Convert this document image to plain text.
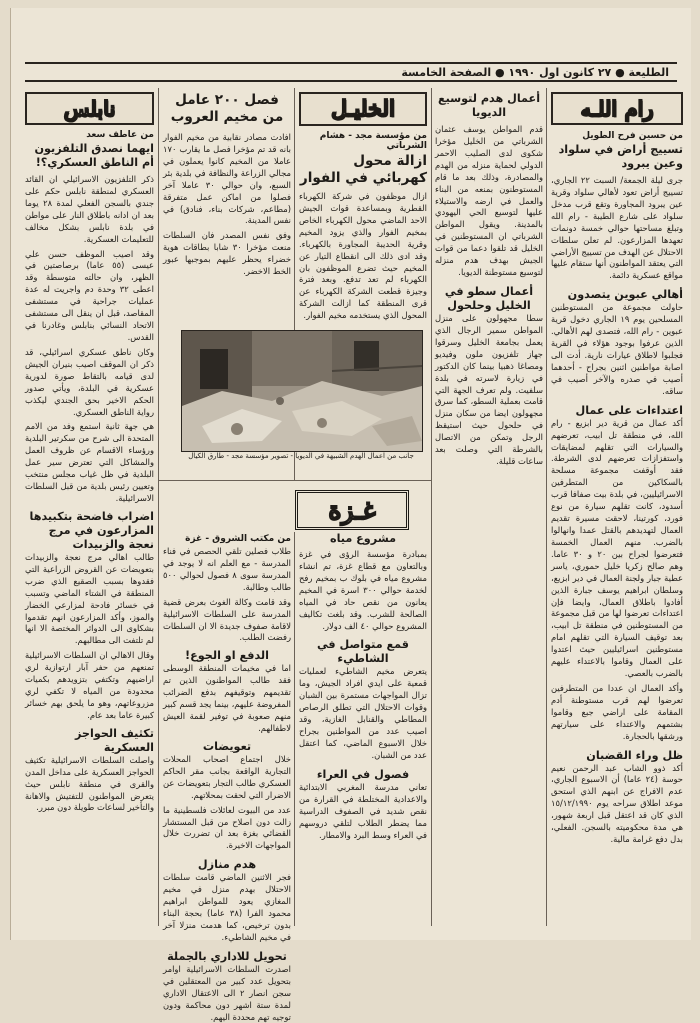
الطليعة ● ٢٧ كانون اول ١٩٩٠ ● الصفحة الخامسة
رام اللـه
من حسين فرح الطويل
تسييج أراض في سلواد وعين يبرود

جرى ليلة الجمعة/ السبت ٢٢ الجاري، تسييج أراض تعود لأهالي سلواد وقرية عين يبرود المجاورة وتقع قرب مدخل سلواد على شارع الطيبة - رام الله وتبلغ مساحتها حوالي خمسة دونمات تعهدها المزارعون. لم تعلن سلطات الاحتلال عن الهدف من تسييج الأراضي التي يعتقد المواطنون أنها ستقام عليها مواقع عسكرية دائمة.

أهالي عبوين يتصدون

حاولت مجموعة من المستوطنين المسلحين يوم ١٩ الجاري دخول قرية عبوين - رام الله، فتصدى لهم الأهالي. الذين عرفوا بوجود هؤلاء في القرية فجلبوا لاطلاق عيارات نارية. أدت الى اصابة مواطنين اثنين بجراح - أحدهما أصيب في صدره والآخر أصيب في ساقه.

اعتداءات على عمال

أكد عمال من قرية دير ابزيع - رام الله، في منطقة تل ابيب، تعرضهم والسيارات التي تقلهم لمضايقات واستفزازات تعرضهم لدى الشرطة. فقد أوقفت مجموعة مسلحة بالسكاكين من المتطرفين الاسرائيليين، في بلدة بيت صفافا قرب أسدود، كانت تقلهم سيارة من نوع فورد، كورتينا، لاحقت مسيرة تقديم العمال لتهديدهم بالقتل عمدا وانهالوا بالضرب. منهم العمال الخمسة فتعرضوا لجراح بين ٢٠ و ٣٠ عاما. وهم صالح زكريا خليل حموري، ياسر عطية جبار ولجنة العمال في دير ابزيع، وسلطان ابراهيم يوسف جبارة الذين أفادوا باطلاق العمال، وايضا فإن اعتداءات تعرضوا لها من قبل مجموعة من المستوطنين في منطقة تل ابيب، بعد توقيف السيارة التي تقلهم امام مستوطنين اسرائيليين حيث اعتدوا على العمال وقاموا بالاعتداء عليهم بالضرب بالعصي.

وأكد العمال ان عددا من المتطرفين تعرضوا لهم قرب مستوطنة أدم المقامة على اراضي جبع وقاموا بشتمهم والاعتداء على سيارتهم ورشقها بالحجارة.

ظل وراء القضبان

أكد ذوو الشاب عبد الرحمن نعيم حوسة (٢٤ عاما) أن الاسبوع الجاري، عدم الافراج عن ابنهم الذي استحق موعد اطلاق سراحه يوم ١٥/١٢/١٩٩٠ الذي كان قد اعتقل قبل اربعة شهور، هي مدة محكوميته بالسجن. الفعلي، بدل دفع غرامة مالية.

أعمال هدم لتوسيع الديويا

قدم المواطن يوسف عثمان الشرباتي من الخليل مؤخرا شكوى لدى الصليب الاحمر الدولي لحماية منزله من الهدم والمصادرة، وذلك بعد ما قام المستوطنون بمنعه من البناء والعمل في ارضه والاستيلاء عليها لتوسيع الحي اليهودي بالمدينة. ويقول المواطن الشرباتي ان المستوطنين في الخليل قد تلقوا دعما من قوات الجيش بهدف هدم منزله لتوسيع مستوطنة الديويا.

أعمال سطو في الخليل وحلحول

سطا مجهولون على منزل المواطن سمير الرجال الذي يعمل بجامعة الخليل وسرقوا جهاز تلفزيون ملون وفيديو ومصاغا ذهبيا بينما كان الدكتور في زيارة لاسرته في بلدة سلفيت. ولم تعرف الجهة التي قامت بعملية السطو، كما سرق مجهولون ايضا من سكان منزل في حلحول حيث استيقظ الرجل وتمكن من الاتصال بالشرطة التي وصلت بعد ساعات قليلة.

الخليـل
من مؤسسة مجد - هشام الشرباتي
ازالة محول كهربائي في الفوار

ازال موظفون في شركة الكهرباء القطرية وبمساعدة قوات الجيش الاحد الماضي محول الكهرباء الخاص بمخيم الفوار والذي يزود المخيم وقرية الحديبة المجاورة بالكهرباء. وقد ادى ذلك الى انقطاع التيار عن المخيم حيث تضرع الموظفون بان الكهرباء لم تعد تدفع. وبعد فترة وجيزة قطعت الشركة الكهرباء عن قرى المنطقة كما ازالت الشركة المحول الذي يستخدمه مخيم الفوار.

فصل ٢٠٠ عامل من مخيم العروب

افادت مصادر نقابية من مخيم الفوار بانه قد تم مؤخرا فصل ما يقارب ١٧٠ عاملا من المخيم كانوا يعملون في مجالي الزراعة والنظافة في بلدية بئر السبع، وان حوالي ٣٠ عاملا آخر فصلوا من اماكن عمل متفرقة (مطاعم، شركات بناء، فنادق) في نفس المدينة.

وفق نفس المصدر فان السلطات منعت مؤخرا ٣٠ شابا بطاقات هوية خضراء يحظر عليهم بموجبها عبور الخط الاخضر.

جانب من اعمال الهدم الشبيهة في الديويا - تصوير مؤسسة مجد - طارق الكيال
غـزة
مشروع مياه

بمبادرة مؤسسة الرؤى في غزة وبالتعاون مع قطاع غزة، تم انشاء مشروع مياه في بلوك ب بمخيم رفح لخدمة حوالي ٣٠٠ اسرة في المخيم يعانون من نقص حاد في المياه الصالحة للشرب. وقد بلغت تكاليف المشروع حوالي ٤٠ الف دولار.

قمع متواصل في الشاطيء

يتعرض مخيم الشاطيء لعمليات قمعية على ايدي افراد الجيش، وما تزال المواجهات مستمرة بين الشبان وقوات الاحتلال التي تطلق الرصاص المطاطي والقنابل الغازية، وقد اصيب عدد من المواطنين بجراح خلال الاسبوع الماضي، كما اعتقل عدد من الشبان.

فصول في العراء

تعاني مدرسة المغربي الابتدائية والاعدادية المختلطة في القرارة من نقص شديد في الصفوف الدراسية مما يضطر الطلاب لتلقي دروسهم في العراء وسط البرد والامطار.

من مكتب الشروق - غزة

طلاب فصلين تلقي الحصص في فناء المدرسة - مع العلم انه لا يوجد في المدرسة سوى ٨ فصول لحوالي ٥٠٠ طالب وطالبة.

وقد قامت وكالة الغوث بعرض قضية المدرسة على السلطات الاسرائيلية لاقامة صفوف جديدة الا ان السلطات رفضت الطلب.

الدفع او الجوع!

اما في مخيمات المنطقة الوسطى فقد طالب المواطنون الذين تم تقديمهم وتوقيفهم بدفع الضرائب المفروضة عليهم، بينما يجد قسم كبير منهم صعوبة في توفير لقمة العيش لاطفالهم.

تعويضات

خلال اجتماع اصحاب المحلات التجارية الواقعة بجانب مقر الحاكم العسكري طالب التجار بتعويضات عن الاضرار التي لحقت بمحلاتهم.

عدد من البيوت لعائلات فلسطينية ما زالت دون اصلاح من قبل المستشار القضائي بغزة بعد ان تضررت خلال المواجهات الاخيرة.

هدم منازل

فجر الاثنين الماضي قامت سلطات الاحتلال بهدم منزل في مخيم المغازي يعود للمواطن ابراهيم محمود الفرا (٣٨ عاما) بحجة البناء بدون ترخيص، كما هدمت منزلا آخر في مخيم الشاطيء.

تحويل للاداري بالجملة

اصدرت السلطات الاسرائيلية اوامر بتحويل عدد كبير من المعتقلين في سجن انصار ٢ الى الاعتقال الاداري لمدة ستة اشهر دون محاكمة ودون توجيه تهم محددة اليهم.

نابلس
من عاطف سعد
ايهما نصدق التلفزيون أم الناطق العسكري؟!

ذكر التلفزيون الاسرائيلي ان القائد العسكري لمنطقة نابلس حكم على جندي بالسجن الفعلي لمدة ٢٨ يوما بعد ان ادانه باطلاق النار على مواطن في بلدة نابلس بشكل مخالف للتعليمات العسكرية.

وقد اصيب الموظف حسن علي عيسى (٥٥ عاما) برصاصتين في الظهر، وان حالته متوسطة وقد اعطى ٣٢ وحدة دم واجريت له عدة عمليات جراحية في مستشفى المقاصد، قبل ان ينقل الى مستشفى الاتحاد النسائي بنابلس وغادرنا في القدس.

وكان ناطق عسكري اسرائيلي، قد ذكر ان الموقف اصيب بنيران الجيش لدى قيامه بالتقاط صورة لدورية عسكرية في البلدة، ويأتي صدور الحكم الاخير بحق الجندي ليكذب رواية الناطق العسكري.

هي جهة ثانية استمع وفد من الامم المتحدة الى شرح من سكرتير البلدية ورؤساء الاقسام عن ظروف العمل والمشاكل التي تعترض سير عمل البلدية في ظل غياب مجلس منتخب وتعيين رئيس بلدية من قبل السلطات الاسرائيلية.

اضراب فاضحة بتكبيدها المزارعون في مرج نعجة والزبيدات

طالب اهالي مرج نعجة والزبيدات بتعويضات عن القروض الزراعية التي فقدوها بسبب الصقيع الذي ضرب المنطقة في الشتاء الماضي وتسبب في خسائر فادحة لمزارعي الخضار والموز، وأكد المزارعون انهم تقدموا بشكاوى الى الدوائر المختصة الا انها لم تلتفت الى مطالبهم.

وقال الاهالي ان السلطات الاسرائيلية تمنعهم من حفر آبار ارتوازية لري اراضيهم وتكتفي بتزويدهم بكميات محدودة من المياه لا تكفي لري مزروعاتهم، وهو ما يلحق بهم خسائر كبيرة عاما بعد عام.

تكثيف الحواجز العسكرية

واصلت السلطات الاسرائيلية تكثيف الحواجز العسكرية على مداخل المدن والقرى في منطقة نابلس حيث يتعرض المواطنون للتفتيش والاهانة والتأخير لساعات طويلة دون مبرر.
